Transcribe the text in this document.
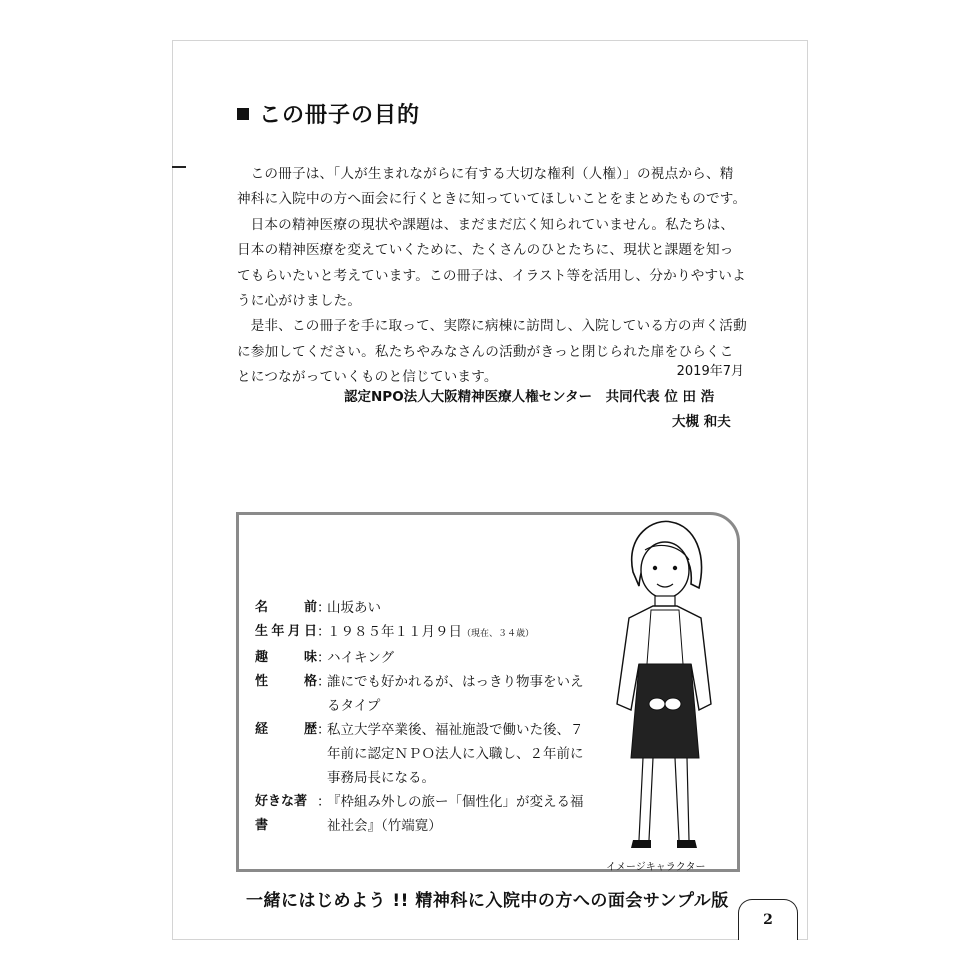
この冊子の目的

この冊子は、「人が生まれながらに有する大切な権利（人権）」の視点から、精神科に入院中の方へ面会に行くときに知っていてほしいことをまとめたものです。

日本の精神医療の現状や課題は、まだまだ広く知られていません。私たちは、日本の精神医療を変えていくために、たくさんのひとたちに、現状と課題を知ってもらいたいと考えています。この冊子は、イラスト等を活用し、分かりやすいように心がけました。

是非、この冊子を手に取って、実際に病棟に訪問し、入院している方の声く活動に参加してください。私たちやみなさんの活動がきっと閉じられた扉をひらくことにつながっていくものと信じています。	2019年7月
認定NPO法人大阪精神医療人権センター　共同代表 位 田 浩
大槻 和夫
名　前 ：
山坂あい
生年月日 ：
１９８５年１１月９日（現在、３４歳）
趣　味 ：
ハイキング
性　格 ：
誰にでも好かれるが、はっきり物事をいえるタイプ
経　歴 ：
私立大学卒業後、福祉施設で働いた後、７年前に認定ＮＰＯ法人に入職し、２年前に事務局長になる。
好きな著書
：
『枠組み外しの旅ー「個性化」が変える福祉社会』（竹端寛）
イメージキャラクター
一緒にはじめよう !! 精神科に入院中の方への面会サンプル版
2
